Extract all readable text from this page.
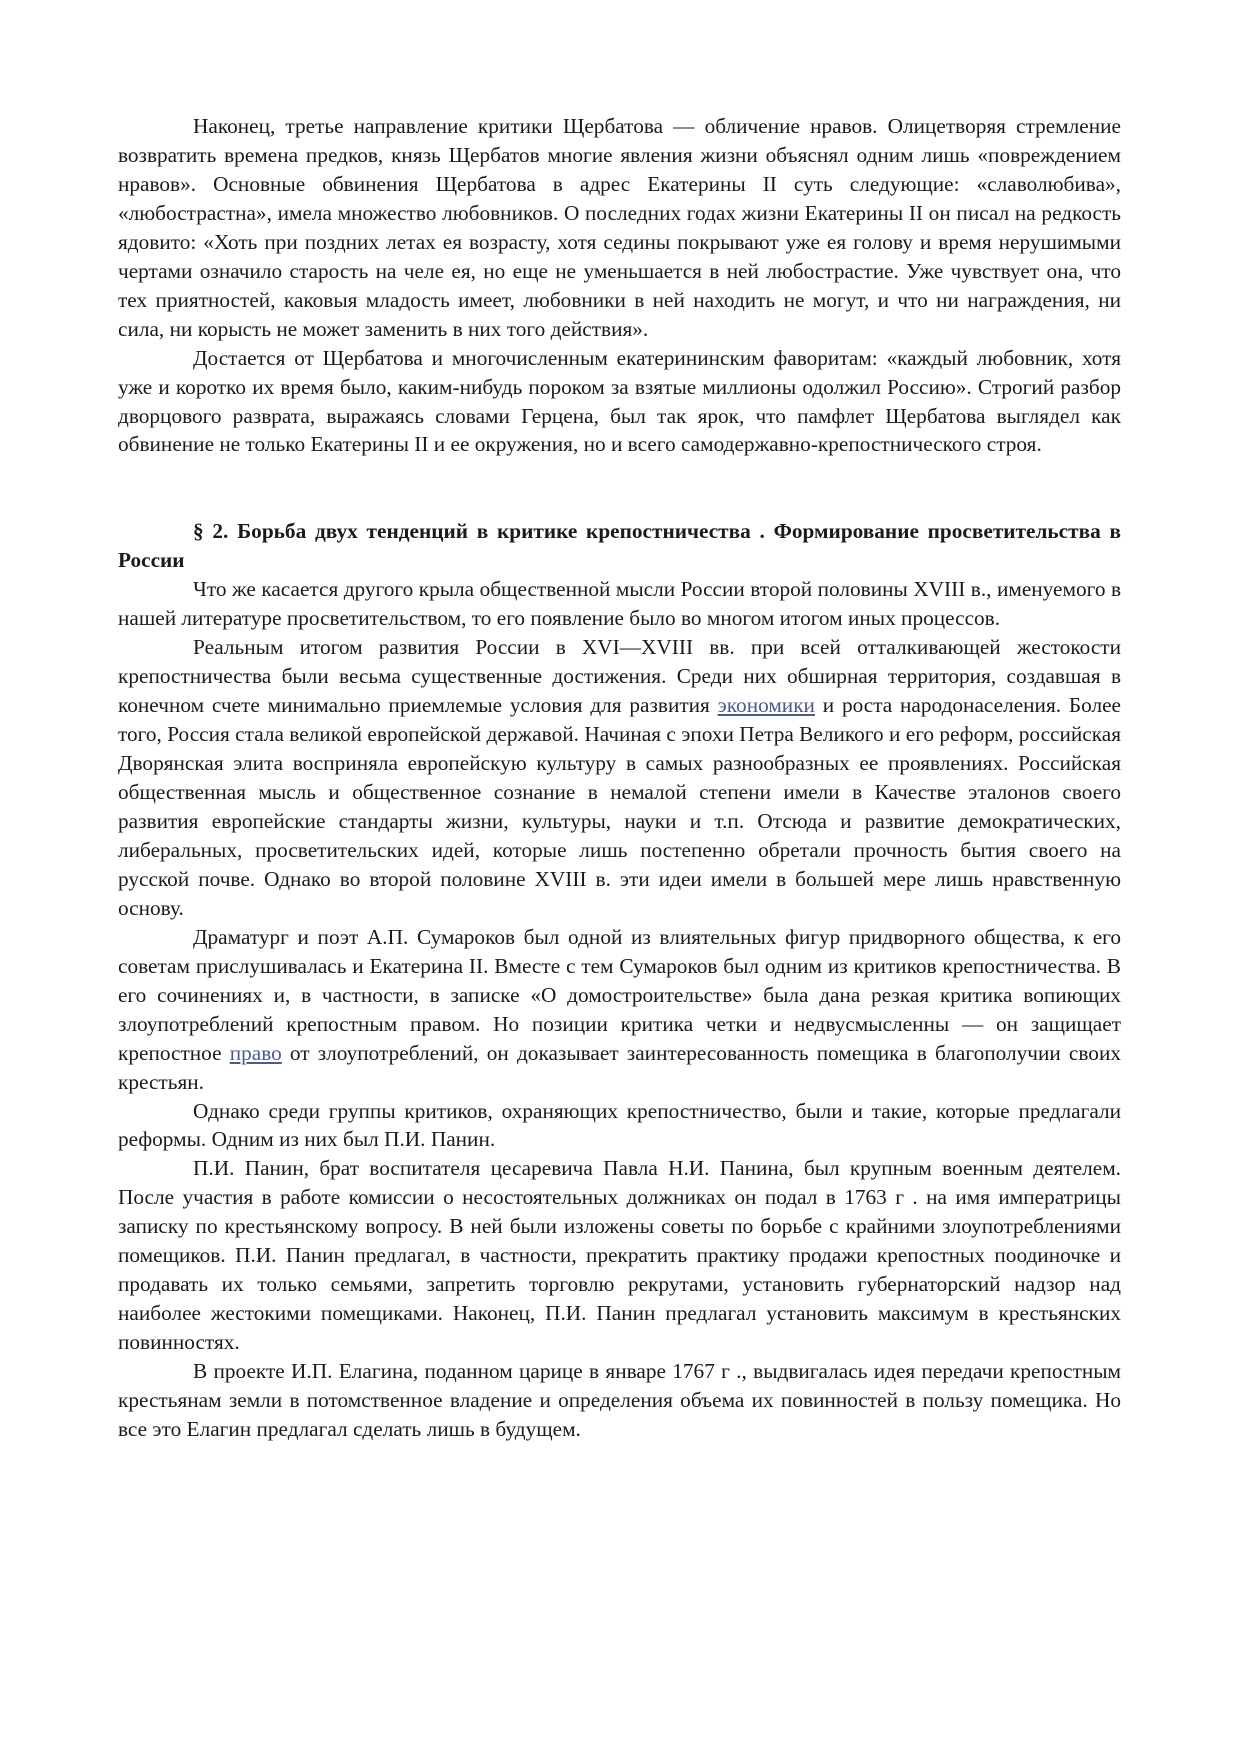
Наконец, третье направление критики Щербатова — обличение нравов. Олицетворяя стремление возвратить времена предков, князь Щербатов многие явления жизни объяснял одним лишь «повреждением нравов». Основные обвинения Щербатова в адрес Екатерины II суть следующие: «славолюбива», «любострастна», имела множество любовников. О последних годах жизни Екатерины II он писал на редкость ядовито: «Хоть при поздних летах ея возрасту, хотя седины покрывают уже ея голову и время нерушимыми чертами означило старость на челе ея, но еще не уменьшается в ней любострастие. Уже чувствует она, что тех приятностей, каковыя младость имеет, любовники в ней находить не могут, и что ни награждения, ни сила, ни корысть не может заменить в них того действия».

Достается от Щербатова и многочисленным екатерининским фаворитам: «каждый любовник, хотя уже и коротко их время было, каким-нибудь пороком за взятые миллионы одолжил Россию». Строгий разбор дворцового разврата, выражаясь словами Герцена, был так ярок, что памфлет Щербатова выглядел как обвинение не только Екатерины II и ее окружения, но и всего самодержавно-крепостнического строя.

§ 2. Борьба двух тенденций в критике крепостничества . Формирование просветительства в России

Что же касается другого крыла общественной мысли России второй половины XVIII в., именуемого в нашей литературе просветительством, то его появление было во многом итогом иных процессов.

Реальным итогом развития России в XVI—XVIII вв. при всей отталкивающей жестокости крепостничества были весьма существенные достижения. Среди них обширная территория, создавшая в конечном счете минимально приемлемые условия для развития экономики и роста народонаселения. Более того, Россия стала великой европейской державой. Начиная с эпохи Петра Великого и его реформ, российская Дворянская элита восприняла европейскую культуру в самых разнообразных ее проявлениях. Российская общественная мысль и общественное сознание в немалой степени имели в Качестве эталонов своего развития европейские стандарты жизни, культуры, науки и т.п. Отсюда и развитие демократических, либеральных, просветительских идей, которые лишь постепенно обретали прочность бытия своего на русской почве. Однако во второй половине XVIII в. эти идеи имели в большей мере лишь нравственную основу.

Драматург и поэт А.П. Сумароков был одной из влиятельных фигур придворного общества, к его советам прислушивалась и Екатерина II. Вместе с тем Сумароков был одним из критиков крепостничества. В его сочинениях и, в частности, в записке «О домостроительстве» была дана резкая критика вопиющих злоупотреблений крепостным правом. Но позиции критика четки и недвусмысленны — он защищает крепостное право от злоупотреблений, он доказывает заинтересованность помещика в благополучии своих крестьян.

Однако среди группы критиков, охраняющих крепостничество, были и такие, которые предлагали реформы. Одним из них был П.И. Панин.

П.И. Панин, брат воспитателя цесаревича Павла Н.И. Панина, был крупным военным деятелем. После участия в работе комиссии о несостоятельных должниках он подал в 1763 г . на имя императрицы записку по крестьянскому вопросу. В ней были изложены советы по борьбе с крайними злоупотреблениями помещиков. П.И. Панин предлагал, в частности, прекратить практику продажи крепостных поодиночке и продавать их только семьями, запретить торговлю рекрутами, установить губернаторский надзор над наиболее жестокими помещиками. Наконец, П.И. Панин предлагал установить максимум в крестьянских повинностях.

В проекте И.П. Елагина, поданном царице в январе 1767 г ., выдвигалась идея передачи крепостным крестьянам земли в потомственное владение и определения объема их повинностей в пользу помещика. Но все это Елагин предлагал сделать лишь в будущем.
